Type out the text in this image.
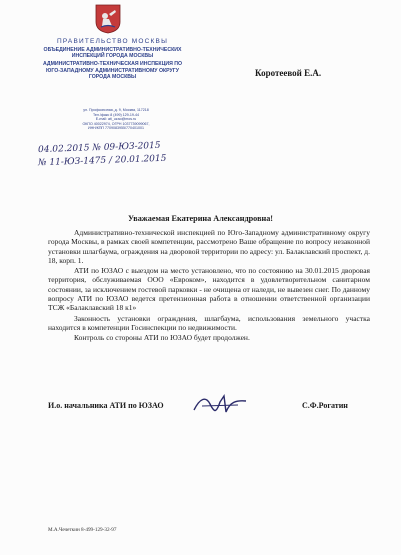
ПРАВИТЕЛЬСТВО МОСКВЫ
ОБЪЕДИНЕНИЕ АДМИНИСТРАТИВНО-ТЕХНИЧЕСКИХ ИНСПЕКЦИЙ ГОРОДА МОСКВЫ
АДМИНИСТРАТИВНО-ТЕХНИЧЕСКАЯ ИНСПЕКЦИЯ ПО ЮГО-ЗАПАДНОМУ АДМИНИСТРАТИВНОМУ ОКРУГУ ГОРОДА МОСКВЫ
ул. Профсоюзная, д. 9, Москва, 117218
Тел./факс 8 (499) 129-19-44
E-mail: ati_uzao@mos.ru
ОКПО 40022974, ОГРН 1037739099067,
ИНН/КПП 7709083955/770401001
04.02.2015 № 09-ЮЗ-2015
№ 11-ЮЗ-1475 / 20.01.2015
Коротеевой Е.А.
Уважаемая Екатерина Александровна!

Административно-технической инспекцией по Юго-Западному административному округу города Москвы, в рамках своей компетенции, рассмотрено Ваше обращение по вопросу незаконной установки шлагбаума, ограждения на дворовой территории по адресу: ул. Балаклавский проспект, д. 18, корп. 1.

АТИ по ЮЗАО с выездом на место установлено, что по состоянию на 30.01.2015 дворовая территория, обслуживаемая ООО «Евроком», находится в удовлетворительном санитарном состоянии, за исключением гостевой парковки - не очищена от наледи, не вывезен снег. По данному вопросу АТИ по ЮЗАО ведется претензионная работа в отношении ответственной организации ТСЖ «Балаклавский 18 к1»

Законность установки ограждения, шлагбаума, использования земельного участка находится в компетенции Госинспекции по недвижимости.

Контроль со стороны АТИ по ЮЗАО будет продолжен.

И.о. начальника АТИ по ЮЗАО	С.Ф.Рогатин
М.А.Чечеткин 8-499-129-32-97
